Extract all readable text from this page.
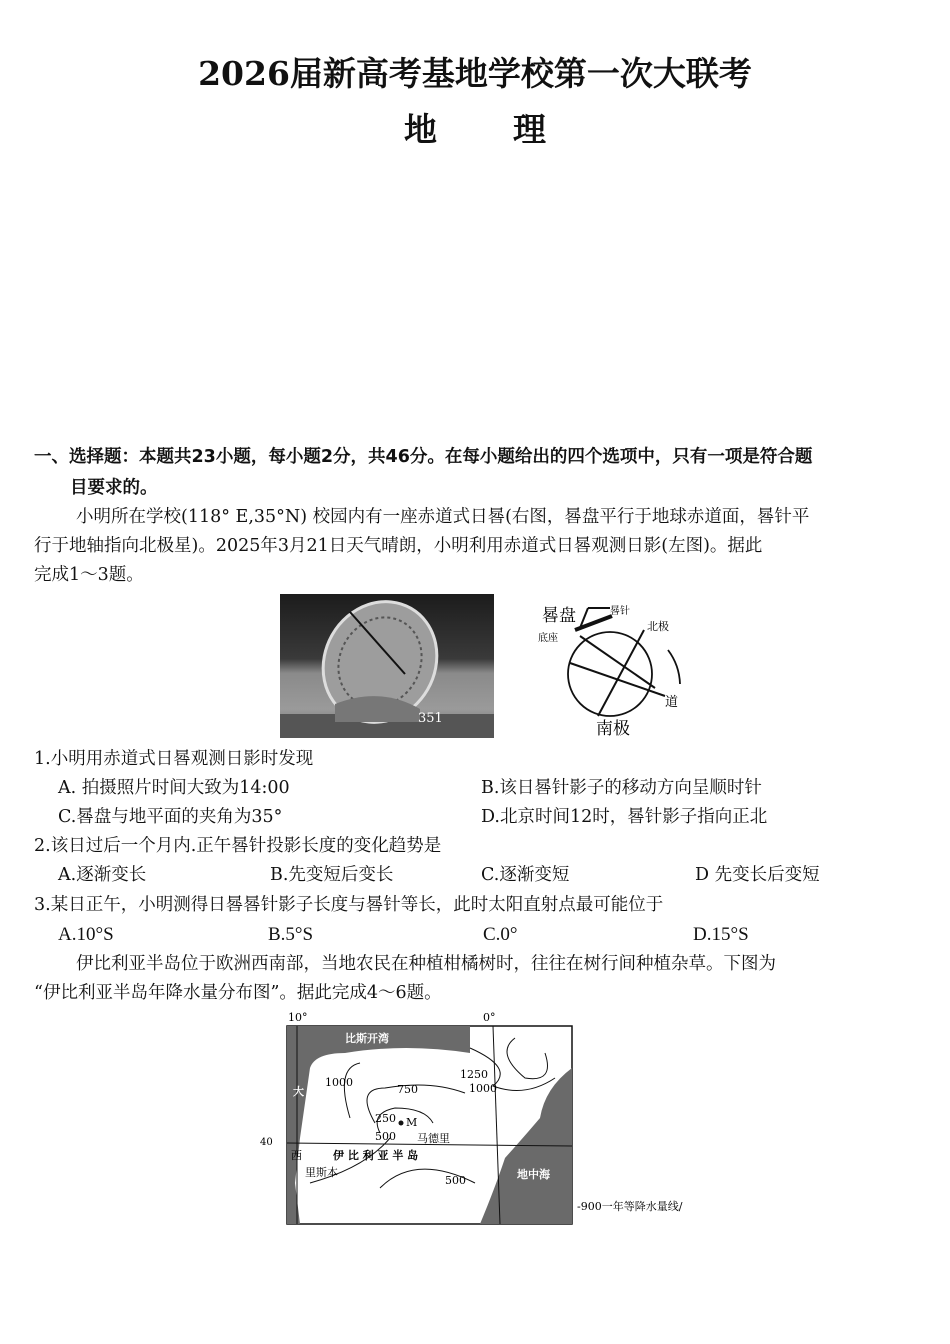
2026届新高考基地学校第一次大联考
地 理
一、选择题：本题共23小题，每小题2分，共46分。在每小题给出的四个选项中，只有一项是符合题
目要求的。
小明所在学校(118° E,35°N) 校园内有一座赤道式日晷(右图，晷盘平行于地球赤道面，晷针平
行于地轴指向北极星)。2025年3月21日天气晴朗，小明利用赤道式日晷观测日影(左图)。据此
完成1～3题。
351
晷盘	晷针
底座
北极
道
南极
1.小明用赤道式日晷观测日影时发现
A. 拍摄照片时间大致为14:00	B.该日晷针影子的移动方向呈顺时针
C.晷盘与地平面的夹角为35°	D.北京时间12时，晷针影子指向正北
2.该日过后一个月内.正午晷针投影长度的变化趋势是
A.逐渐变长	B.先变短后变长	C.逐渐变短	D 先变长后变短
3.某日正午，小明测得日晷晷针影子长度与晷针等长，此时太阳直射点最可能位于
A.10°S	B.5°S	C.0°	D.15°S
伊比利亚半岛位于欧洲西南部，当地农民在种植柑橘树时，往往在树行间种植杂草。下图为
“伊比利亚半岛年降水量分布图”。据此完成4～6题。
10°	0°
40
比斯开湾
大
西	伊 比 利 亚 半 岛
里斯本
马德里
地中海
M
1000
750
1250
1000
250
500
500
-900一年等降水量线/
